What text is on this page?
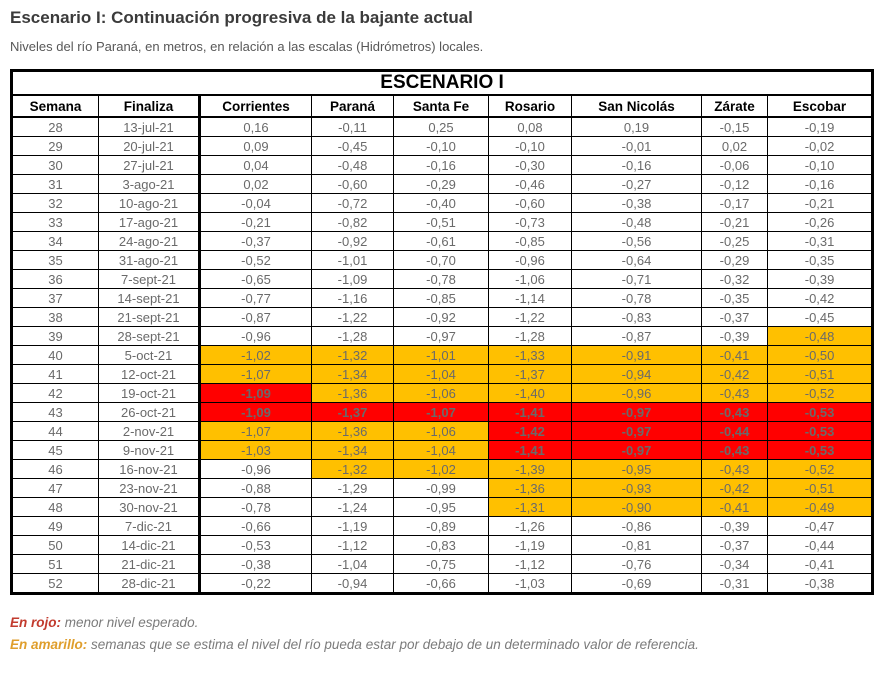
Escenario I: Continuación progresiva de la bajante actual
Niveles del río Paraná, en metros, en relación a las escalas (Hidrómetros) locales.
ESCENARIO I								
Semana	Finaliza	Corrientes	Paraná	Santa Fe	Rosario	San Nicolás	Zárate	Escobar
28	13-jul-21	0,16	-0,11	0,25	0,08	0,19	-0,15	-0,19
29	20-jul-21	0,09	-0,45	-0,10	-0,10	-0,01	0,02	-0,02
30	27-jul-21	0,04	-0,48	-0,16	-0,30	-0,16	-0,06	-0,10
31	3-ago-21	0,02	-0,60	-0,29	-0,46	-0,27	-0,12	-0,16
32	10-ago-21	-0,04	-0,72	-0,40	-0,60	-0,38	-0,17	-0,21
33	17-ago-21	-0,21	-0,82	-0,51	-0,73	-0,48	-0,21	-0,26
34	24-ago-21	-0,37	-0,92	-0,61	-0,85	-0,56	-0,25	-0,31
35	31-ago-21	-0,52	-1,01	-0,70	-0,96	-0,64	-0,29	-0,35
36	7-sept-21	-0,65	-1,09	-0,78	-1,06	-0,71	-0,32	-0,39
37	14-sept-21	-0,77	-1,16	-0,85	-1,14	-0,78	-0,35	-0,42
38	21-sept-21	-0,87	-1,22	-0,92	-1,22	-0,83	-0,37	-0,45
39	28-sept-21	-0,96	-1,28	-0,97	-1,28	-0,87	-0,39	-0,48
40	5-oct-21	-1,02	-1,32	-1,01	-1,33	-0,91	-0,41	-0,50
41	12-oct-21	-1,07	-1,34	-1,04	-1,37	-0,94	-0,42	-0,51
42	19-oct-21	-1,09	-1,36	-1,06	-1,40	-0,96	-0,43	-0,52
43	26-oct-21	-1,09	-1,37	-1,07	-1,41	-0,97	-0,43	-0,53
44	2-nov-21	-1,07	-1,36	-1,06	-1,42	-0,97	-0,44	-0,53
45	9-nov-21	-1,03	-1,34	-1,04	-1,41	-0,97	-0,43	-0,53
46	16-nov-21	-0,96	-1,32	-1,02	-1,39	-0,95	-0,43	-0,52
47	23-nov-21	-0,88	-1,29	-0,99	-1,36	-0,93	-0,42	-0,51
48	30-nov-21	-0,78	-1,24	-0,95	-1,31	-0,90	-0,41	-0,49
49	7-dic-21	-0,66	-1,19	-0,89	-1,26	-0,86	-0,39	-0,47
50	14-dic-21	-0,53	-1,12	-0,83	-1,19	-0,81	-0,37	-0,44
51	21-dic-21	-0,38	-1,04	-0,75	-1,12	-0,76	-0,34	-0,41
52	28-dic-21	-0,22	-0,94	-0,66	-1,03	-0,69	-0,31	-0,38
En rojo: menor nivel esperado.
En amarillo: semanas que se estima el nivel del río pueda estar por debajo de un determinado valor de referencia.
